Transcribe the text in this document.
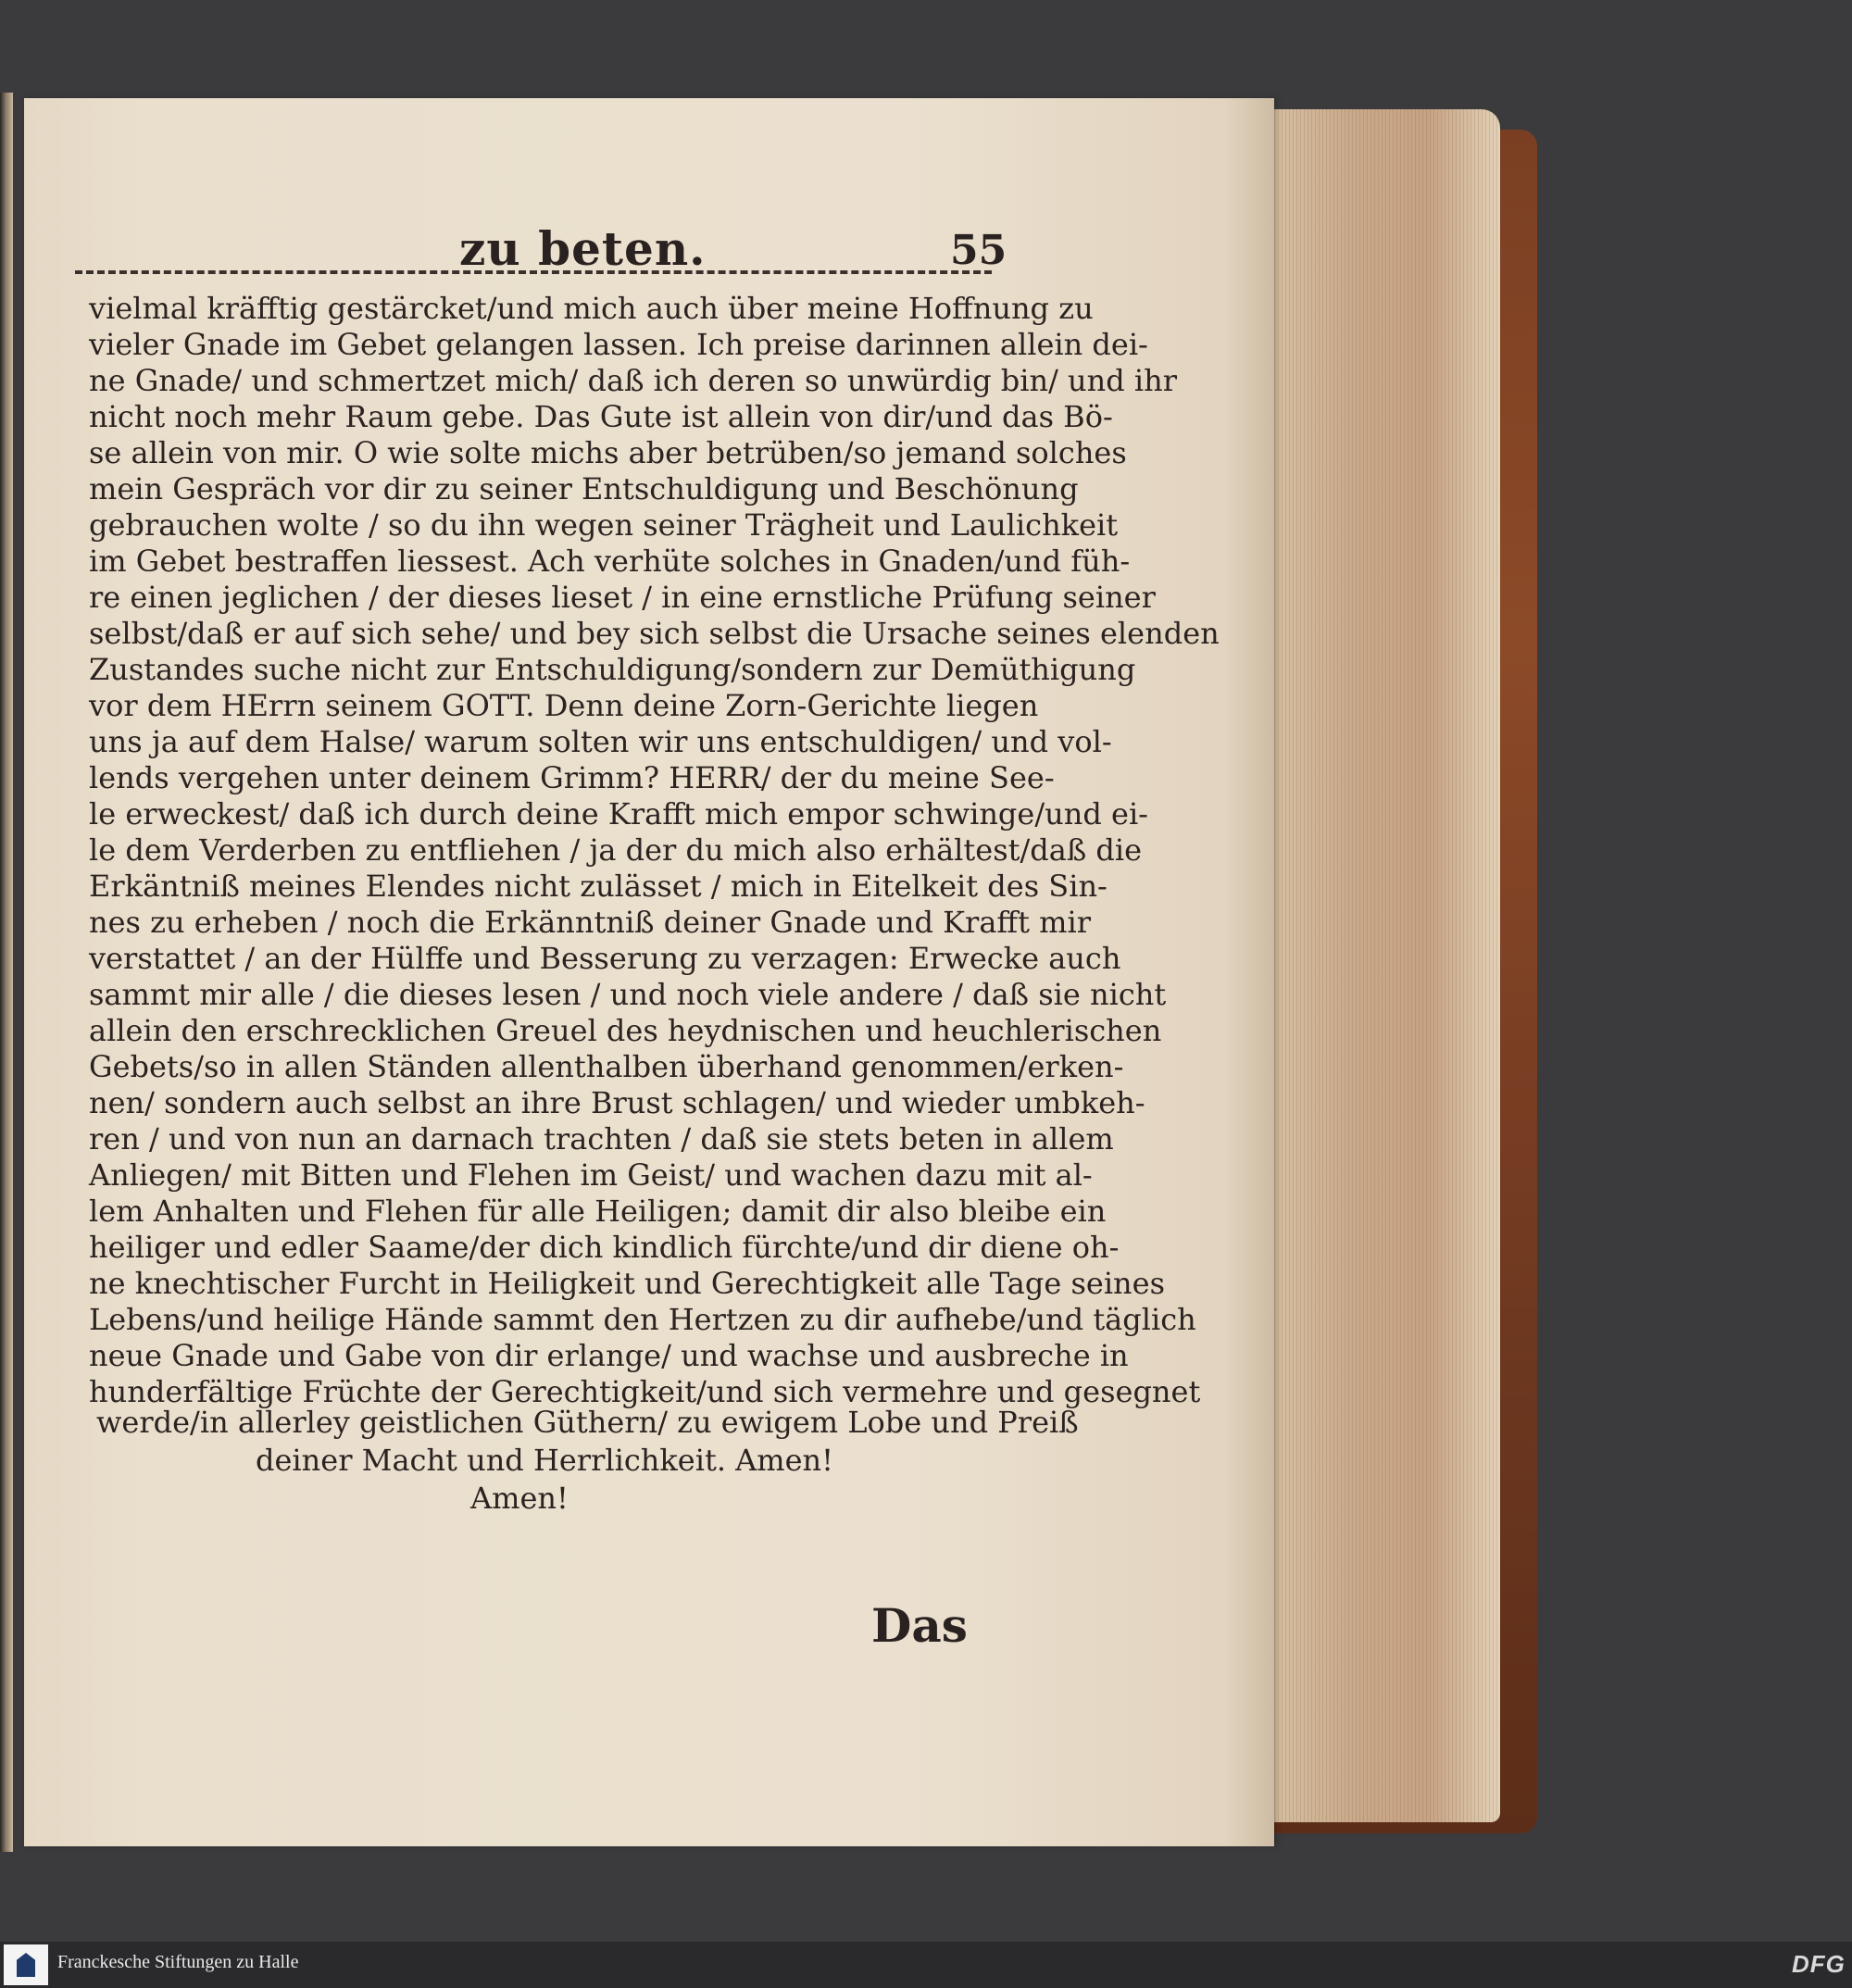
zu beten.	55
vielmal kräfftig gestärcket/und mich auch über meine Hoffnung zu
vieler Gnade im Gebet gelangen lassen. Ich preise darinnen allein dei-
ne Gnade/ und schmertzet mich/ daß ich deren so unwürdig bin/ und ihr
nicht noch mehr Raum gebe. Das Gute ist allein von dir/und das Bö-
se allein von mir. O wie solte michs aber betrüben/so jemand solches
mein Gespräch vor dir zu seiner Entschuldigung und Beschönung
gebrauchen wolte / so du ihn wegen seiner Trägheit und Laulichkeit
im Gebet bestraffen liessest. Ach verhüte solches in Gnaden/und füh-
re einen jeglichen / der dieses lieset / in eine ernstliche Prüfung seiner
selbst/daß er auf sich sehe/ und bey sich selbst die Ursache seines elenden
Zustandes suche nicht zur Entschuldigung/sondern zur Demüthigung
vor dem HErrn seinem GOTT. Denn deine Zorn-Gerichte liegen
uns ja auf dem Halse/ warum solten wir uns entschuldigen/ und vol-
lends vergehen unter deinem Grimm? HERR/ der du meine See-
le erweckest/ daß ich durch deine Krafft mich empor schwinge/und ei-
le dem Verderben zu entfliehen / ja der du mich also erhältest/daß die
Erkäntniß meines Elendes nicht zulässet / mich in Eitelkeit des Sin-
nes zu erheben / noch die Erkänntniß deiner Gnade und Krafft mir
verstattet / an der Hülffe und Besserung zu verzagen: Erwecke auch
sammt mir alle / die dieses lesen / und noch viele andere / daß sie nicht
allein den erschrecklichen Greuel des heydnischen und heuchlerischen
Gebets/so in allen Ständen allenthalben überhand genommen/erken-
nen/ sondern auch selbst an ihre Brust schlagen/ und wieder umbkeh-
ren / und von nun an darnach trachten / daß sie stets beten in allem
Anliegen/ mit Bitten und Flehen im Geist/ und wachen dazu mit al-
lem Anhalten und Flehen für alle Heiligen; damit dir also bleibe ein
heiliger und edler Saame/der dich kindlich fürchte/und dir diene oh-
ne knechtischer Furcht in Heiligkeit und Gerechtigkeit alle Tage seines
Lebens/und heilige Hände sammt den Hertzen zu dir aufhebe/und täglich
neue Gnade und Gabe von dir erlange/ und wachse und ausbreche in
hunderfältige Früchte der Gerechtigkeit/und sich vermehre und gesegnet
werde/in allerley geistlichen Güthern/ zu ewigem Lobe und Preiß
deiner Macht und Herrlichkeit. Amen!
Amen!
Das
Franckesche Stiftungen zu Halle	DFG
